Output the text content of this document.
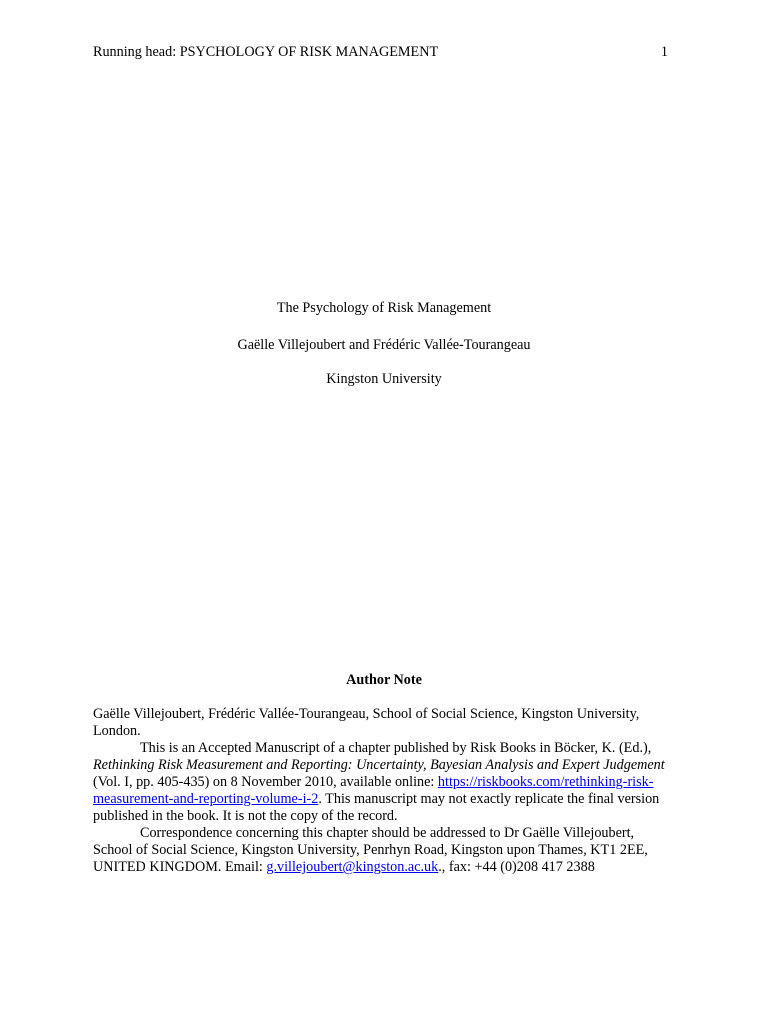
Running head: PSYCHOLOGY OF RISK MANAGEMENT	1
The Psychology of Risk Management
Gaëlle Villejoubert and Frédéric Vallée-Tourangeau
Kingston University
Author Note

Gaëlle Villejoubert, Frédéric Vallée-Tourangeau, School of Social Science, Kingston University, London.

This is an Accepted Manuscript of a chapter published by Risk Books in Böcker, K. (Ed.), Rethinking Risk Measurement and Reporting: Uncertainty, Bayesian Analysis and Expert Judgement (Vol. I, pp. 405-435) on 8 November 2010, available online: https://riskbooks.com/rethinking-risk-measurement-and-reporting-volume-i-2. This manuscript may not exactly replicate the final version published in the book. It is not the copy of the record.

Correspondence concerning this chapter should be addressed to Dr Gaëlle Villejoubert, School of Social Science, Kingston University, Penrhyn Road, Kingston upon Thames, KT1 2EE, UNITED KINGDOM. Email: g.villejoubert@kingston.ac.uk., fax: +44 (0)208 417 2388
